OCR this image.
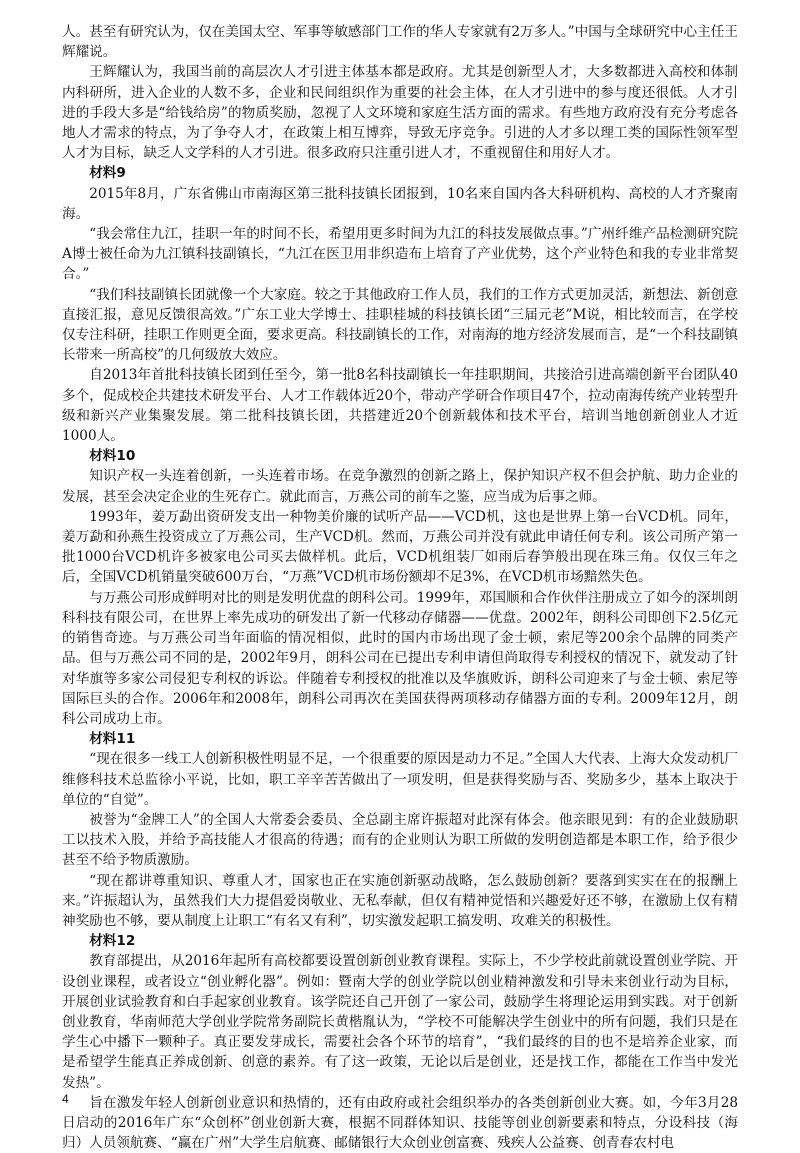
人。甚至有研究认为，仅在美国太空、军事等敏感部门工作的华人专家就有2万多人。”中国与全球研究中心主任王辉耀说。

王辉耀认为，我国当前的高层次人才引进主体基本都是政府。尤其是创新型人才，大多数都进入高校和体制内科研所，进入企业的人数不多，企业和民间组织作为重要的社会主体，在人才引进中的参与度还很低。人才引进的手段大多是“给钱给房”的物质奖励，忽视了人文环境和家庭生活方面的需求。有些地方政府没有充分考虑各地人才需求的特点，为了争夺人才，在政策上相互博弈，导致无序竞争。引进的人才多以理工类的国际性领军型人才为目标，缺乏人文学科的人才引进。很多政府只注重引进人才，不重视留住和用好人才。

材料9

2015年8月，广东省佛山市南海区第三批科技镇长团报到，10名来自国内各大科研机构、高校的人才齐聚南海。

“我会常住九江，挂职一年的时间不长，希望用更多时间为九江的科技发展做点事。”广州纤维产品检测研究院A博士被任命为九江镇科技副镇长，“九江在医卫用非织造布上培育了产业优势，这个产业特色和我的专业非常契合。”

“我们科技副镇长团就像一个大家庭。较之于其他政府工作人员，我们的工作方式更加灵活，新想法、新创意直接汇报，意见反馈很高效。”广东工业大学博士、挂职桂城的科技镇长团“三届元老”M说，相比较而言，在学校仅专注科研，挂职工作则更全面，要求更高。科技副镇长的工作，对南海的地方经济发展而言，是“一个科技副镇长带来一所高校”的几何级放大效应。

自2013年首批科技镇长团到任至今，第一批8名科技副镇长一年挂职期间，共接洽引进高端创新平台团队40多个，促成校企共建技术研发平台、人才工作载体近20个，带动产学研合作项目47个，拉动南海传统产业转型升级和新兴产业集聚发展。第二批科技镇长团，共搭建近20个创新载体和技术平台，培训当地创新创业人才近1000人。

材料10

知识产权一头连着创新，一头连着市场。在竞争激烈的创新之路上，保护知识产权不但会护航、助力企业的发展，甚至会决定企业的生死存亡。就此而言，万燕公司的前车之鉴，应当成为后事之师。

1993年，姜万勐出资研发支出一种物美价廉的试听产品——VCD机，这也是世界上第一台VCD机。同年，姜万勐和孙燕生投资成立了万燕公司，生产VCD机。然而，万燕公司并没有就此申请任何专利。该公司所产第一批1000台VCD机许多被家电公司买去做样机。此后，VCD机组装厂如雨后春笋般出现在珠三角。仅仅三年之后，全国VCD机销量突破600万台，“万燕”VCD机市场份额却不足3%，在VCD机市场黯然失色。

与万燕公司形成鲜明对比的则是发明优盘的朗科公司。1999年，邓国顺和合作伙伴注册成立了如今的深圳朗科科技有限公司，在世界上率先成功的研发出了新一代移动存储器——优盘。2002年，朗科公司即创下2.5亿元的销售奇迹。与万燕公司当年面临的情况相似，此时的国内市场出现了金士顿，索尼等200余个品牌的同类产品。但与万燕公司不同的是，2002年9月，朗科公司在已提出专利申请但尚取得专利授权的情况下，就发动了针对华旗等多家公司侵犯专利权的诉讼。伴随着专利授权的批准以及华旗败诉，朗科公司迎来了与金士顿、索尼等国际巨头的合作。2006年和2008年，朗科公司再次在美国获得两项移动存储器方面的专利。2009年12月，朗科公司成功上市。

材料11

“现在很多一线工人创新积极性明显不足，一个很重要的原因是动力不足。”全国人大代表、上海大众发动机厂维修科技术总监徐小平说，比如，职工辛辛苦苦做出了一项发明，但是获得奖励与否、奖励多少，基本上取决于单位的“自觉”。

被誉为“金牌工人”的全国人大常委会委员、全总副主席许振超对此深有体会。他亲眼见到：有的企业鼓励职工以技术入股，并给予高技能人才很高的待遇；而有的企业则认为职工所做的发明创造都是本职工作，给予很少甚至不给予物质激励。

“现在都讲尊重知识、尊重人才，国家也正在实施创新驱动战略，怎么鼓励创新？要落到实实在在的报酬上来。”许振超认为，虽然我们大力提倡爱岗敬业、无私奉献，但仅有精神觉悟和兴趣爱好还不够，在激励上仅有精神奖励也不够，要从制度上让职工“有名又有利”，切实激发起职工搞发明、攻难关的积极性。

材料12

教育部提出，从2016年起所有高校都要设置创新创业教育课程。实际上，不少学校此前就设置创业学院、开设创业课程，或者设立“创业孵化器”。例如：暨南大学的创业学院以创业精神激发和引导未来创业行动为目标，开展创业试验教育和白手起家创业教育。该学院还自己开创了一家公司，鼓励学生将理论运用到实践。对于创新创业教育，华南师范大学创业学院常务副院长黄楷胤认为，“学校不可能解决学生创业中的所有问题，我们只是在学生心中播下一颗种子。真正要发芽成长，需要社会各个环节的培育”，“我们最终的目的也不是培养企业家，而是希望学生能真正养成创新、创意的素养。有了这一政策，无论以后是创业，还是找工作，都能在工作当中发光发热”。

旨在激发年轻人创新创业意识和热情的，还有由政府或社会组织举办的各类创新创业大赛。如，今年3月28日启动的2016年广东“众创杯”创业创新大赛，根据不同群体知识、技能等创业创新要素和特点，分设科技（海归）人员领航赛、“赢在广州”大学生启航赛、邮储银行大众创业创富赛、残疾人公益赛、创青春农村电

4
